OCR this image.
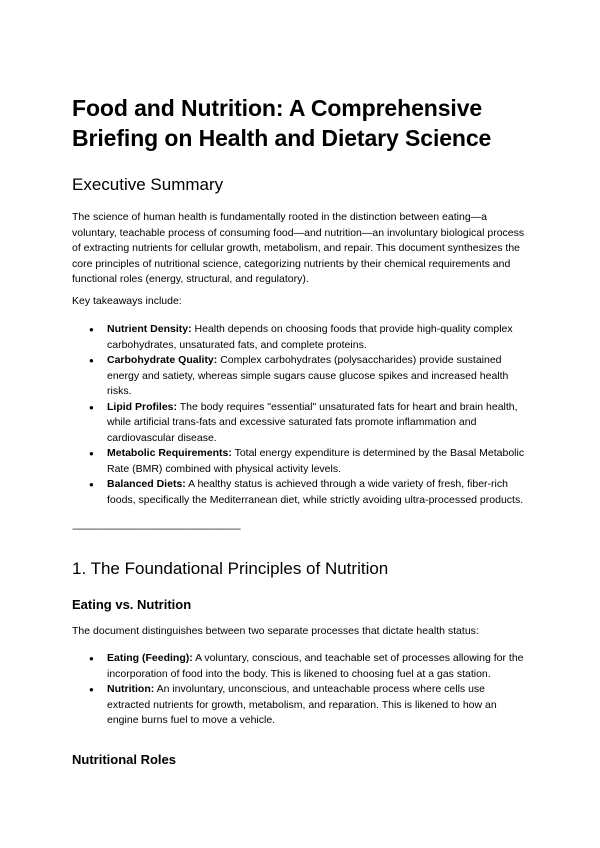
Food and Nutrition: A Comprehensive Briefing on Health and Dietary Science
Executive Summary

The science of human health is fundamentally rooted in the distinction between eating—a voluntary, teachable process of consuming food—and nutrition—an involuntary biological process of extracting nutrients for cellular growth, metabolism, and repair. This document synthesizes the core principles of nutritional science, categorizing nutrients by their chemical requirements and functional roles (energy, structural, and regulatory).

Key takeaways include:

● Nutrient Density: Health depends on choosing foods that provide high-quality complex carbohydrates, unsaturated fats, and complete proteins.
● Carbohydrate Quality: Complex carbohydrates (polysaccharides) provide sustained energy and satiety, whereas simple sugars cause glucose spikes and increased health risks.
● Lipid Profiles: The body requires "essential" unsaturated fats for heart and brain health, while artificial trans-fats and excessive saturated fats promote inflammation and cardiovascular disease.
● Metabolic Requirements: Total energy expenditure is determined by the Basal Metabolic Rate (BMR) combined with physical activity levels.
● Balanced Diets: A healthy status is achieved through a wide variety of fresh, fiber-rich foods, specifically the Mediterranean diet, while strictly avoiding ultra-processed products.
--------------------------------------------------------------------------------
1. The Foundational Principles of Nutrition
Eating vs. Nutrition

The document distinguishes between two separate processes that dictate health status:

● Eating (Feeding): A voluntary, conscious, and teachable set of processes allowing for the incorporation of food into the body. This is likened to choosing fuel at a gas station.
● Nutrition: An involuntary, unconscious, and unteachable process where cells use extracted nutrients for growth, metabolism, and reparation. This is likened to how an engine burns fuel to move a vehicle.
Nutritional Roles
